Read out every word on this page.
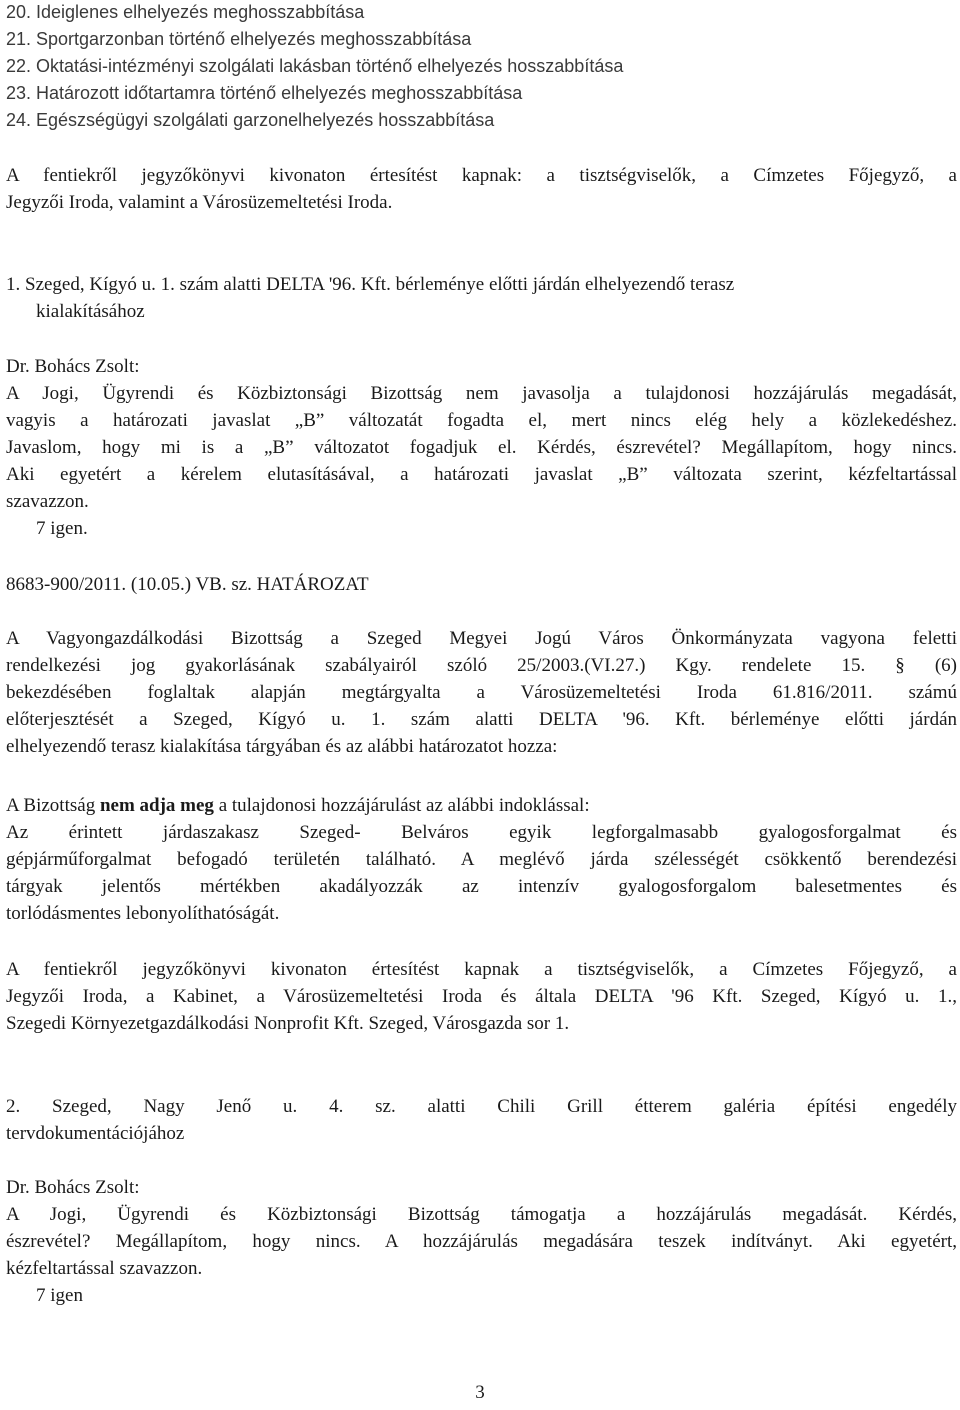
20. Ideiglenes elhelyezés meghosszabbítása
21. Sportgarzonban történő elhelyezés meghosszabbítása
22. Oktatási-intézményi szolgálati lakásban történő elhelyezés hosszabbítása
23. Határozott időtartamra történő elhelyezés meghosszabbítása
24. Egészségügyi szolgálati garzonelhelyezés hosszabbítása
A fentiekről jegyzőkönyvi kivonaton értesítést kapnak: a tisztségviselők, a Címzetes Főjegyző, a
Jegyzői Iroda, valamint a Városüzemeltetési Iroda.
1. Szeged, Kígyó u. 1. szám alatti DELTA '96. Kft. bérleménye előtti járdán elhelyezendő terasz
kialakításához
Dr. Bohács Zsolt:
A Jogi, Ügyrendi és Közbiztonsági Bizottság nem javasolja a tulajdonosi hozzájárulás megadását,
vagyis a határozati javaslat „B” változatát fogadta el, mert nincs elég hely a közlekedéshez.
Javaslom, hogy mi is a „B” változatot fogadjuk el. Kérdés, észrevétel? Megállapítom, hogy nincs.
Aki egyetért a kérelem elutasításával, a határozati javaslat „B” változata szerint, kézfeltartással
szavazzon.
7 igen.
8683-900/2011. (10.05.) VB. sz. HATÁROZAT
A Vagyongazdálkodási Bizottság a Szeged Megyei Jogú Város Önkormányzata vagyona feletti
rendelkezési jog gyakorlásának szabályairól szóló 25/2003.(VI.27.) Kgy. rendelete 15. § (6)
bekezdésében foglaltak alapján megtárgyalta a Városüzemeltetési Iroda 61.816/2011. számú
előterjesztését a Szeged, Kígyó u. 1. szám alatti DELTA '96. Kft. bérleménye előtti járdán
elhelyezendő terasz kialakítása tárgyában és az alábbi határozatot hozza:
A Bizottság nem adja meg a tulajdonosi hozzájárulást az alábbi indoklással:
Az érintett járdaszakasz Szeged- Belváros egyik legforgalmasabb gyalogosforgalmat és
gépjárműforgalmat befogadó területén található. A meglévő járda szélességét csökkentő berendezési
tárgyak jelentős mértékben akadályozzák az intenzív gyalogosforgalom balesetmentes és
torlódásmentes lebonyolíthatóságát.
A fentiekről jegyzőkönyvi kivonaton értesítést kapnak a tisztségviselők, a Címzetes Főjegyző, a
Jegyzői Iroda, a Kabinet, a Városüzemeltetési Iroda és általa DELTA '96 Kft. Szeged, Kígyó u. 1.,
Szegedi Környezetgazdálkodási Nonprofit Kft. Szeged, Városgazda sor 1.
2. Szeged, Nagy Jenő u. 4. sz. alatti Chili Grill étterem galéria építési engedély
tervdokumentációjához
Dr. Bohács Zsolt:
A Jogi, Ügyrendi és Közbiztonsági Bizottság támogatja a hozzájárulás megadását. Kérdés,
észrevétel? Megállapítom, hogy nincs. A hozzájárulás megadására teszek indítványt. Aki egyetért,
kézfeltartással szavazzon.
7 igen
3
